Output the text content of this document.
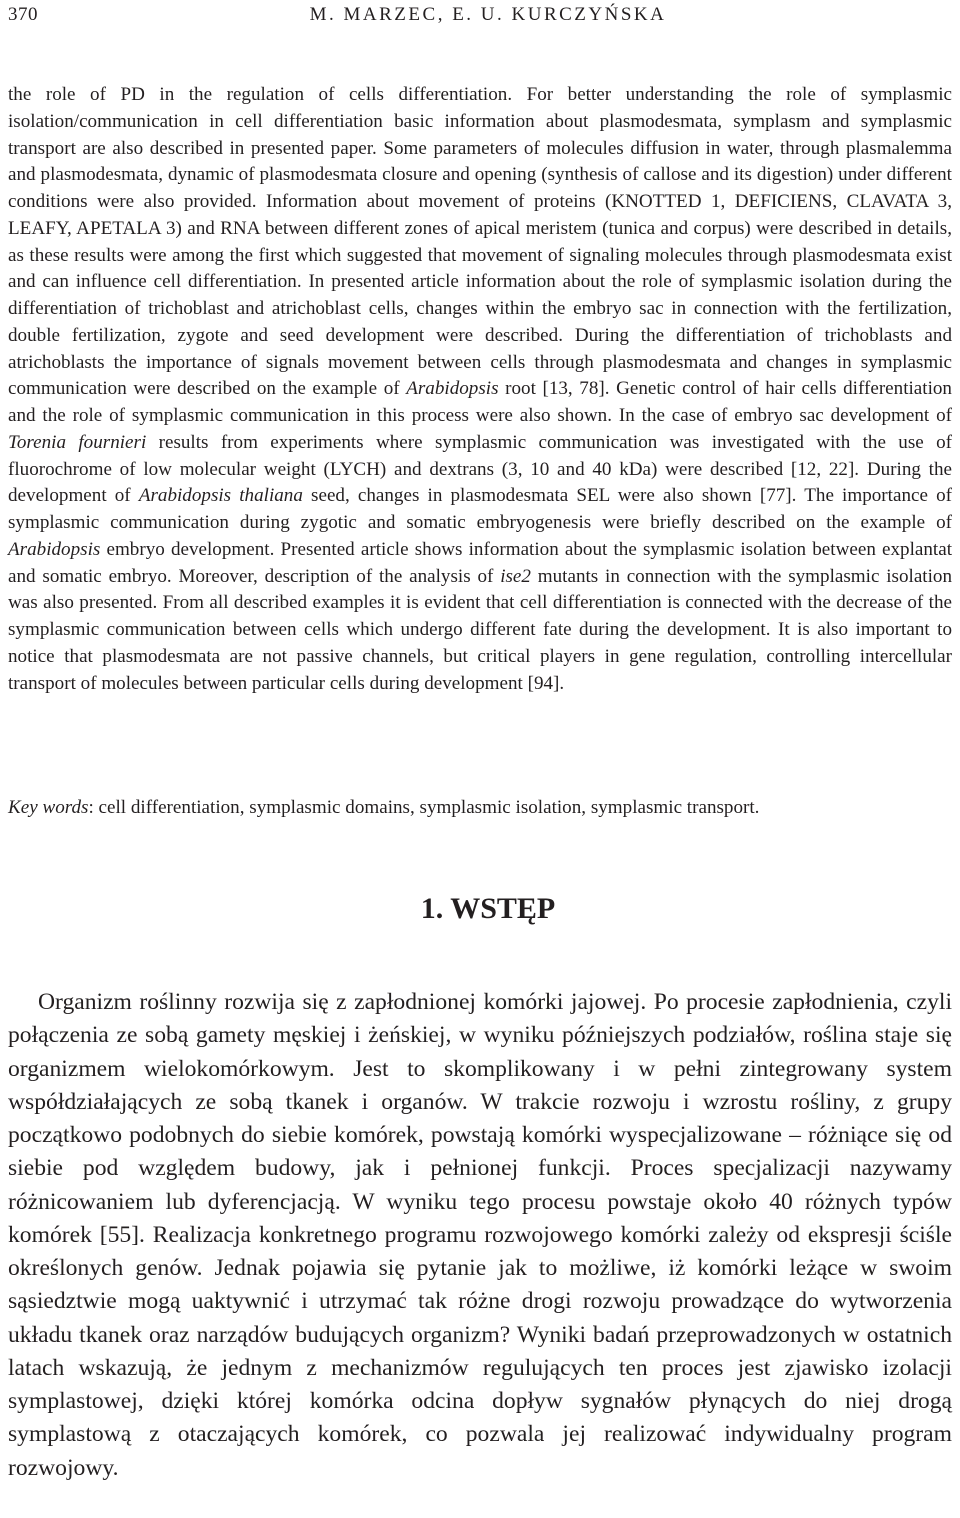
370	M. MARZEC, E. U. KURCZYŃSKA

the role of PD in the regulation of cells differentiation. For better understanding the role of symplasmic isolation/communication in cell differentiation basic information about plasmodesmata, symplasm and symplasmic transport are also described in presented paper. Some parameters of molecules diffusion in water, through plasmalemma and plasmodesmata, dynamic of plasmodesmata closure and opening (synthesis of callose and its digestion) under different conditions were also provided. Information about movement of proteins (KNOTTED 1, DEFICIENS, CLAVATA 3, LEAFY, APETALA 3) and RNA between different zones of apical meristem (tunica and corpus) were described in details, as these results were among the first which suggested that movement of signaling molecules through plasmodesmata exist and can influence cell differentiation. In presented article information about the role of symplasmic isolation during the differentiation of trichoblast and atrichoblast cells, changes within the embryo sac in connection with the fertilization, double fertilization, zygote and seed development were described. During the differentiation of trichoblasts and atrichoblasts the importance of signals movement between cells through plasmodesmata and changes in symplasmic communication were described on the example of Arabidopsis root [13, 78]. Genetic control of hair cells differentiation and the role of symplasmic communication in this process were also shown. In the case of embryo sac development of Torenia fournieri results from experiments where symplasmic communication was investigated with the use of fluorochrome of low molecular weight (LYCH) and dextrans (3, 10 and 40 kDa) were described [12, 22]. During the development of Arabidopsis thaliana seed, changes in plasmodesmata SEL were also shown [77]. The importance of symplasmic communication during zygotic and somatic embryogenesis were briefly described on the example of Arabidopsis embryo development. Presented article shows information about the symplasmic isolation between explantat and somatic embryo. Moreover, description of the analysis of ise2 mutants in connection with the symplasmic isolation was also presented. From all described examples it is evident that cell differentiation is connected with the decrease of the symplasmic communication between cells which undergo different fate during the development. It is also important to notice that plasmodesmata are not passive channels, but critical players in gene regulation, controlling intercellular transport of molecules between particular cells during development [94].

Key words: cell differentiation, symplasmic domains, symplasmic isolation, symplasmic transport.
1. WSTĘP

Organizm roślinny rozwija się z zapłodnionej komórki jajowej. Po procesie zapłodnienia, czyli połączenia ze sobą gamety męskiej i żeńskiej, w wyniku późniejszych podziałów, roślina staje się organizmem wielokomórkowym. Jest to skomplikowany i w pełni zintegrowany system współdziałających ze sobą tkanek i organów. W trakcie rozwoju i wzrostu rośliny, z grupy początkowo podobnych do siebie komórek, powstają komórki wyspecjalizowane – różniące się od siebie pod względem budowy, jak i pełnionej funkcji. Proces specjalizacji nazywamy różnicowaniem lub dyferencjacją. W wyniku tego procesu powstaje około 40 różnych typów komórek [55]. Realizacja konkretnego programu rozwojowego komórki zależy od ekspresji ściśle określonych genów. Jednak pojawia się pytanie jak to możliwe, iż komórki leżące w swoim sąsiedztwie mogą uaktywnić i utrzymać tak różne drogi rozwoju prowadzące do wytworzenia układu tkanek oraz narządów budujących organizm? Wyniki badań przeprowadzonych w ostatnich latach wskazują, że jednym z mechanizmów regulujących ten proces jest zjawisko izolacji symplastowej, dzięki której komórka odcina dopływ sygnałów płynących do niej drogą symplastową z otaczających komórek, co pozwala jej realizować indywidualny program rozwojowy.
